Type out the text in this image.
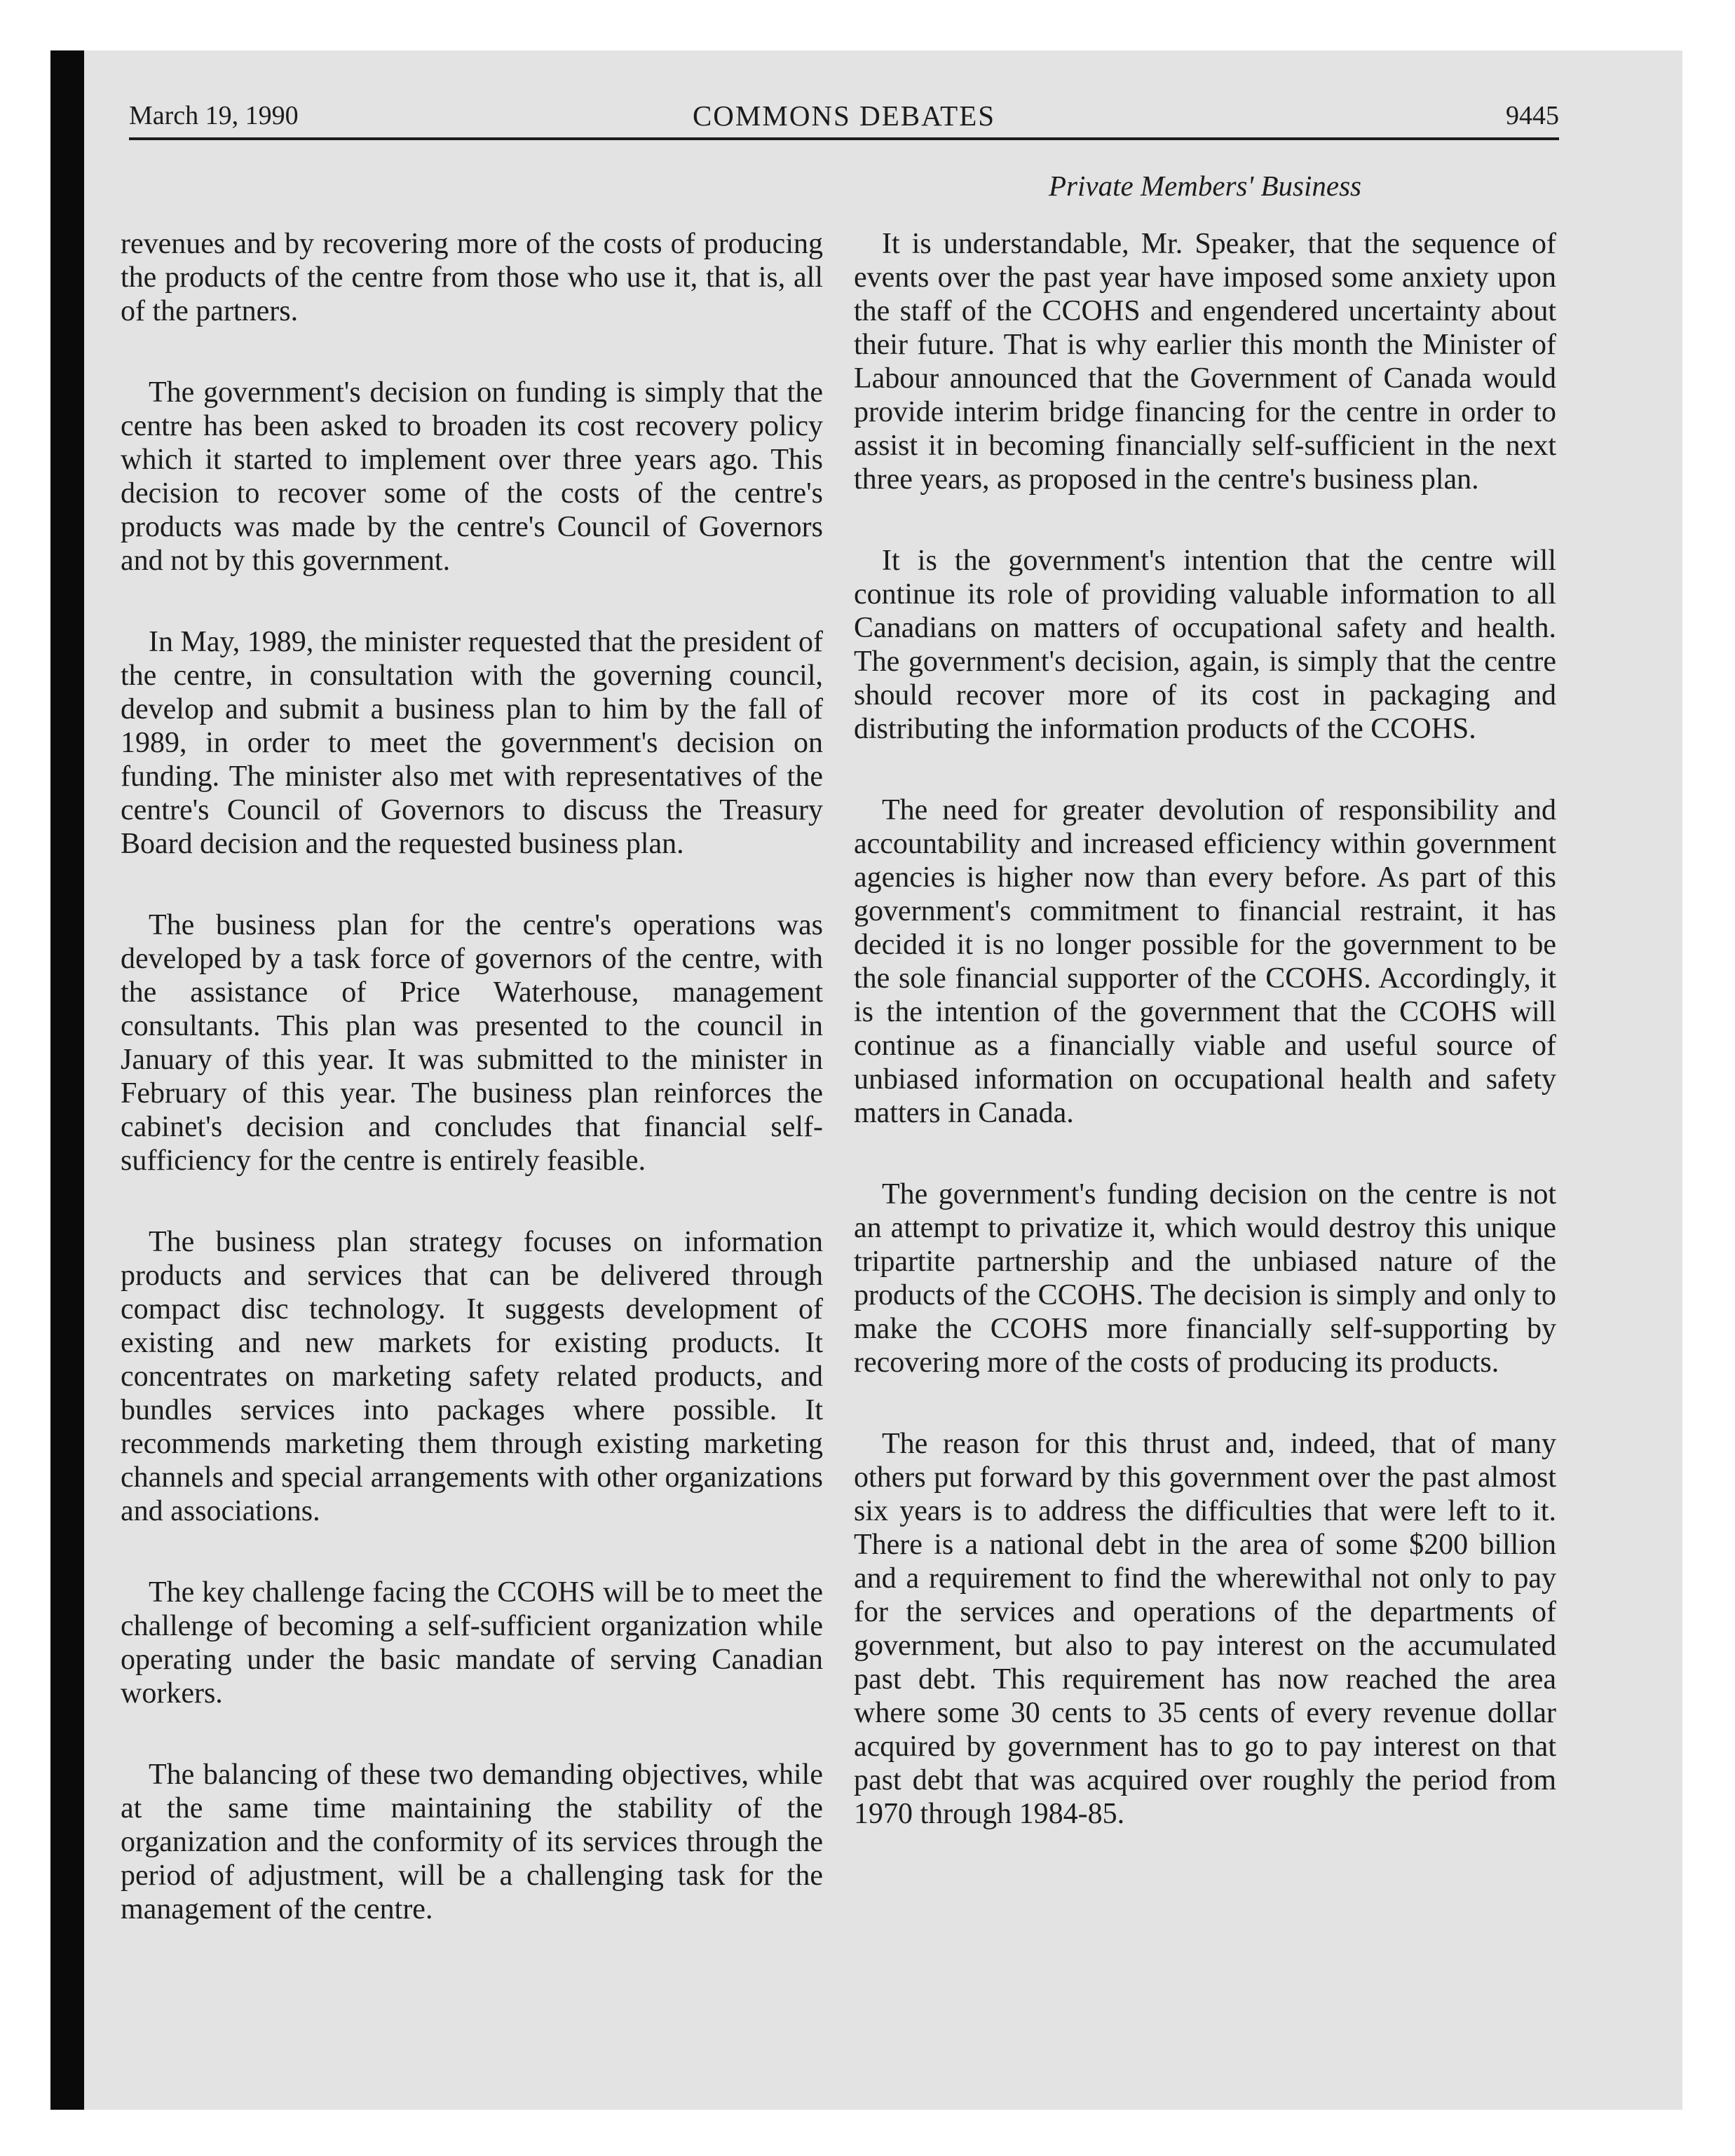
March 19, 1990	COMMONS DEBATES	9445
Private Members' Business

revenues and by recovering more of the costs of producing the products of the centre from those who use it, that is, all of the partners.

The government's decision on funding is simply that the centre has been asked to broaden its cost recovery policy which it started to implement over three years ago. This decision to recover some of the costs of the centre's products was made by the centre's Council of Governors and not by this government.

In May, 1989, the minister requested that the president of the centre, in consultation with the governing council, develop and submit a business plan to him by the fall of 1989, in order to meet the government's decision on funding. The minister also met with representatives of the centre's Council of Governors to discuss the Treasury Board decision and the requested business plan.

The business plan for the centre's operations was developed by a task force of governors of the centre, with the assistance of Price Waterhouse, management consultants. This plan was presented to the council in January of this year. It was submitted to the minister in February of this year. The business plan reinforces the cabinet's decision and concludes that financial self-sufficiency for the centre is entirely feasible.

The business plan strategy focuses on information products and services that can be delivered through compact disc technology. It suggests development of existing and new markets for existing products. It concentrates on marketing safety related products, and bundles services into packages where possible. It recommends marketing them through existing marketing channels and special arrangements with other organizations and associations.

The key challenge facing the CCOHS will be to meet the challenge of becoming a self-sufficient organization while operating under the basic mandate of serving Canadian workers.

The balancing of these two demanding objectives, while at the same time maintaining the stability of the organization and the conformity of its services through the period of adjustment, will be a challenging task for the management of the centre.

It is understandable, Mr. Speaker, that the sequence of events over the past year have imposed some anxiety upon the staff of the CCOHS and engendered uncertainty about their future. That is why earlier this month the Minister of Labour announced that the Government of Canada would provide interim bridge financing for the centre in order to assist it in becoming financially self-sufficient in the next three years, as proposed in the centre's business plan.

It is the government's intention that the centre will continue its role of providing valuable information to all Canadians on matters of occupational safety and health. The government's decision, again, is simply that the centre should recover more of its cost in packaging and distributing the information products of the CCOHS.

The need for greater devolution of responsibility and accountability and increased efficiency within government agencies is higher now than every before. As part of this government's commitment to financial restraint, it has decided it is no longer possible for the government to be the sole financial supporter of the CCOHS. Accordingly, it is the intention of the government that the CCOHS will continue as a financially viable and useful source of unbiased information on occupational health and safety matters in Canada.

The government's funding decision on the centre is not an attempt to privatize it, which would destroy this unique tripartite partnership and the unbiased nature of the products of the CCOHS. The decision is simply and only to make the CCOHS more financially self-supporting by recovering more of the costs of producing its products.

The reason for this thrust and, indeed, that of many others put forward by this government over the past almost six years is to address the difficulties that were left to it. There is a national debt in the area of some $200 billion and a requirement to find the wherewithal not only to pay for the services and operations of the departments of government, but also to pay interest on the accumulated past debt. This requirement has now reached the area where some 30 cents to 35 cents of every revenue dollar acquired by government has to go to pay interest on that past debt that was acquired over roughly the period from 1970 through 1984-85.
